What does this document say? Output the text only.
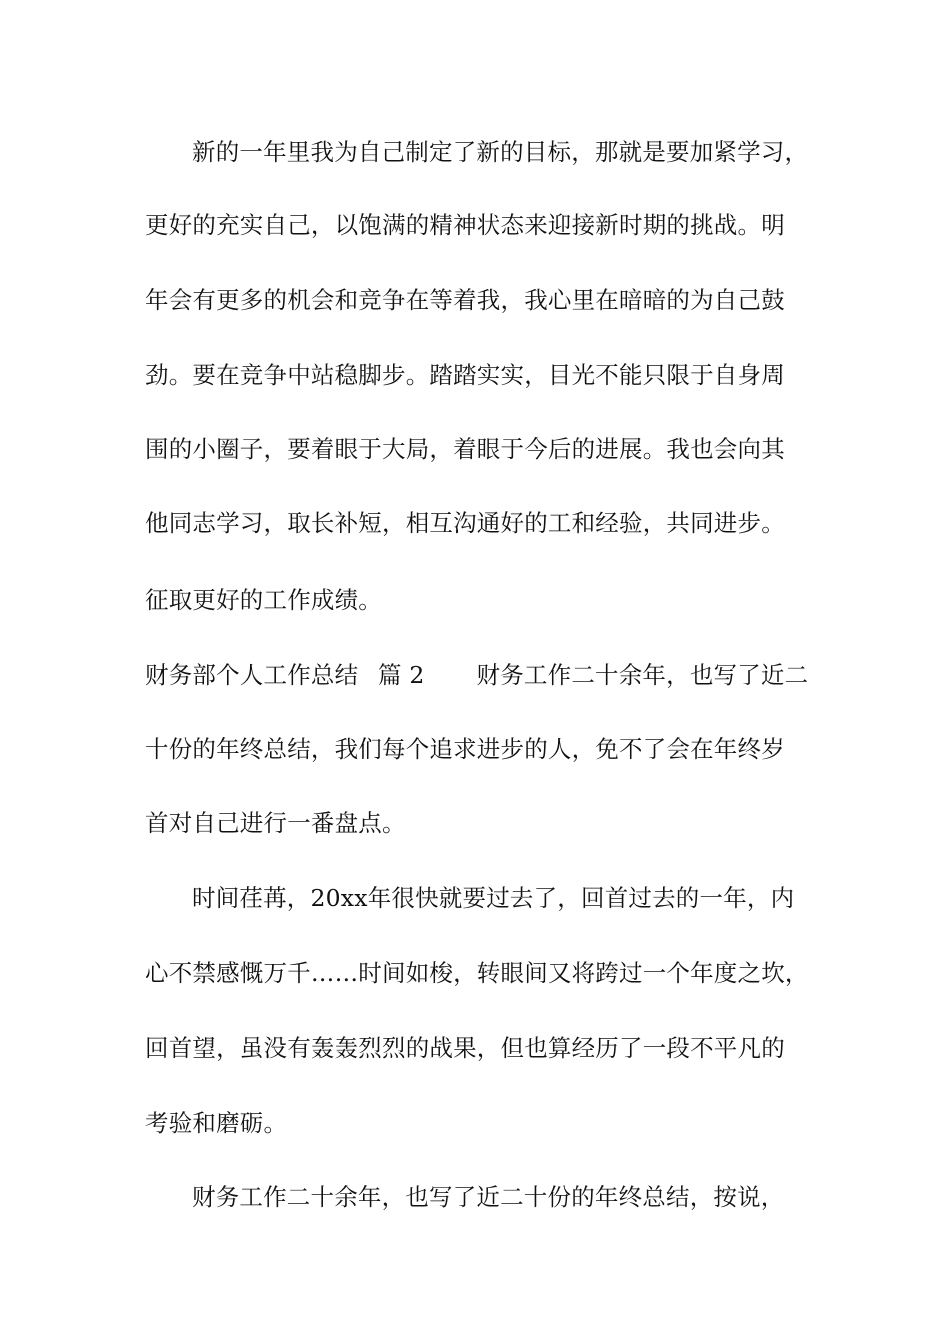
新的一年里我为自己制定了新的目标，那就是要加紧学习，
更好的充实自己，以饱满的精神状态来迎接新时期的挑战。明
年会有更多的机会和竞争在等着我，我心里在暗暗的为自己鼓
劲。要在竞争中站稳脚步。踏踏实实，目光不能只限于自身周
围的小圈子，要着眼于大局，着眼于今后的进展。我也会向其
他同志学习，取长补短，相互沟通好的工和经验，共同进步。
征取更好的工作成绩。
财务部个人工作总结 篇 2 财务工作二十余年，也写了近二
十份的年终总结，我们每个追求进步的人，免不了会在年终岁
首对自己进行一番盘点。
时间荏苒，20xx年很快就要过去了，回首过去的一年，内
心不禁感慨万千……时间如梭，转眼间又将跨过一个年度之坎，
回首望，虽没有轰轰烈烈的战果，但也算经历了一段不平凡的
考验和磨砺。
财务工作二十余年，也写了近二十份的年终总结，按说，
